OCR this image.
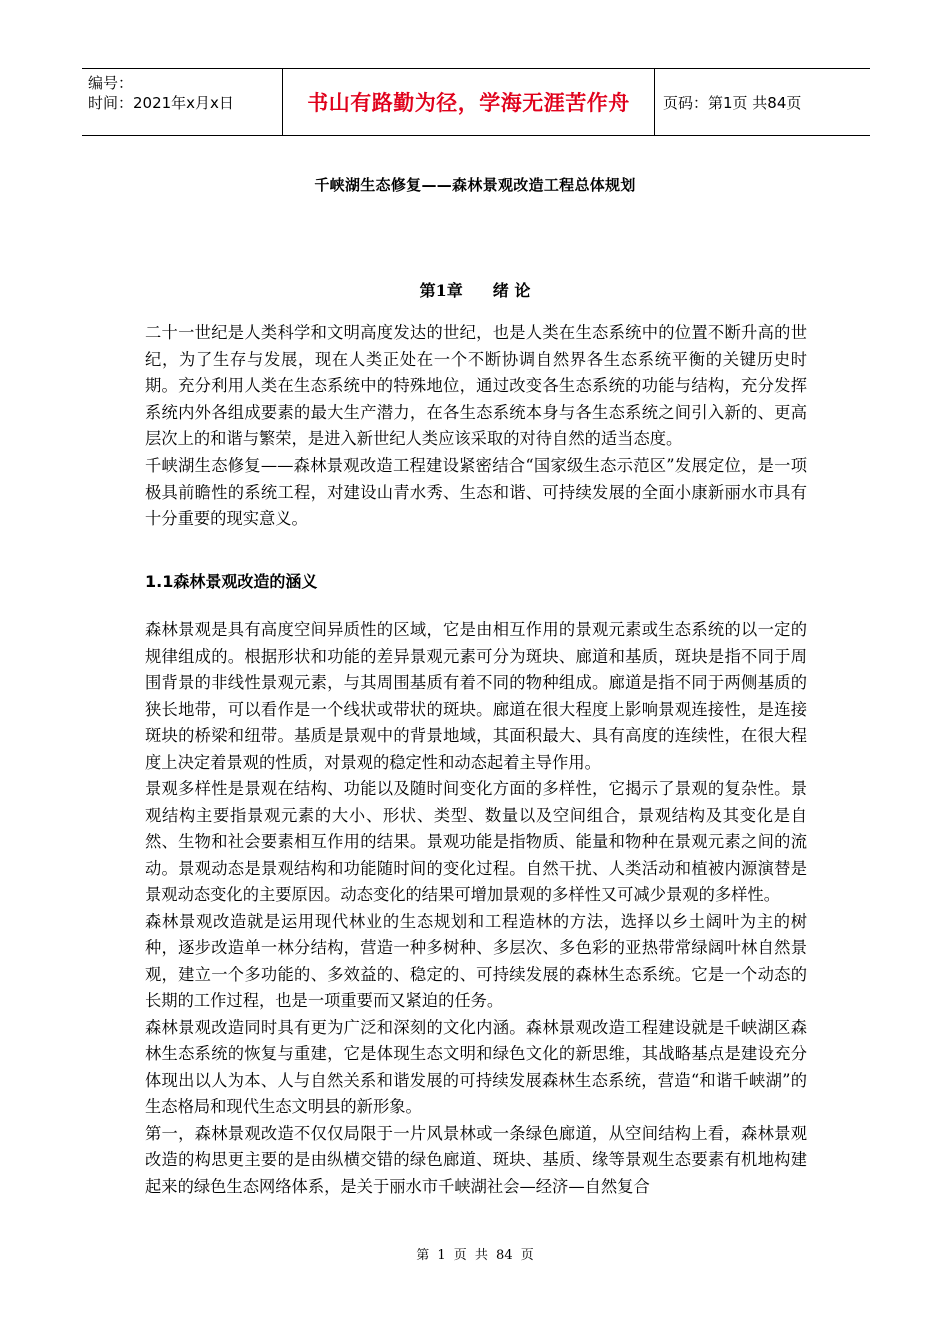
编号：
时间：2021年x月x日	书山有路勤为径，学海无涯苦作舟 页码：第1页 共84页
千峡湖生态修复——森林景观改造工程总体规划
第1章 绪 论

二十一世纪是人类科学和文明高度发达的世纪，也是人类在生态系统中的位置不断升高的世纪，为了生存与发展，现在人类正处在一个不断协调自然界各生态系统平衡的关键历史时期。充分利用人类在生态系统中的特殊地位，通过改变各生态系统的功能与结构，充分发挥系统内外各组成要素的最大生产潜力，在各生态系统本身与各生态系统之间引入新的、更高层次上的和谐与繁荣，是进入新世纪人类应该采取的对待自然的适当态度。

千峡湖生态修复——森林景观改造工程建设紧密结合“国家级生态示范区”发展定位，是一项极具前瞻性的系统工程，对建设山青水秀、生态和谐、可持续发展的全面小康新丽水市具有十分重要的现实意义。

1.1森林景观改造的涵义

森林景观是具有高度空间异质性的区域，它是由相互作用的景观元素或生态系统的以一定的规律组成的。根据形状和功能的差异景观元素可分为斑块、廊道和基质，斑块是指不同于周围背景的非线性景观元素，与其周围基质有着不同的物种组成。廊道是指不同于两侧基质的狭长地带，可以看作是一个线状或带状的斑块。廊道在很大程度上影响景观连接性，是连接斑块的桥梁和纽带。基质是景观中的背景地域，其面积最大、具有高度的连续性，在很大程度上决定着景观的性质，对景观的稳定性和动态起着主导作用。

景观多样性是景观在结构、功能以及随时间变化方面的多样性，它揭示了景观的复杂性。景观结构主要指景观元素的大小、形状、类型、数量以及空间组合，景观结构及其变化是自然、生物和社会要素相互作用的结果。景观功能是指物质、能量和物种在景观元素之间的流动。景观动态是景观结构和功能随时间的变化过程。自然干扰、人类活动和植被内源演替是景观动态变化的主要原因。动态变化的结果可增加景观的多样性又可减少景观的多样性。

森林景观改造就是运用现代林业的生态规划和工程造林的方法，选择以乡土阔叶为主的树种，逐步改造单一林分结构，营造一种多树种、多层次、多色彩的亚热带常绿阔叶林自然景观，建立一个多功能的、多效益的、稳定的、可持续发展的森林生态系统。它是一个动态的长期的工作过程，也是一项重要而又紧迫的任务。

森林景观改造同时具有更为广泛和深刻的文化内涵。森林景观改造工程建设就是千峡湖区森林生态系统的恢复与重建，它是体现生态文明和绿色文化的新思维，其战略基点是建设充分体现出以人为本、人与自然关系和谐发展的可持续发展森林生态系统，营造“和谐千峡湖”的生态格局和现代生态文明县的新形象。

第一，森林景观改造不仅仅局限于一片风景林或一条绿色廊道，从空间结构上看，森林景观改造的构思更主要的是由纵横交错的绿色廊道、斑块、基质、缘等景观生态要素有机地构建起来的绿色生态网络体系，是关于丽水市千峡湖社会—经济—自然复合

第 1 页 共 84 页
